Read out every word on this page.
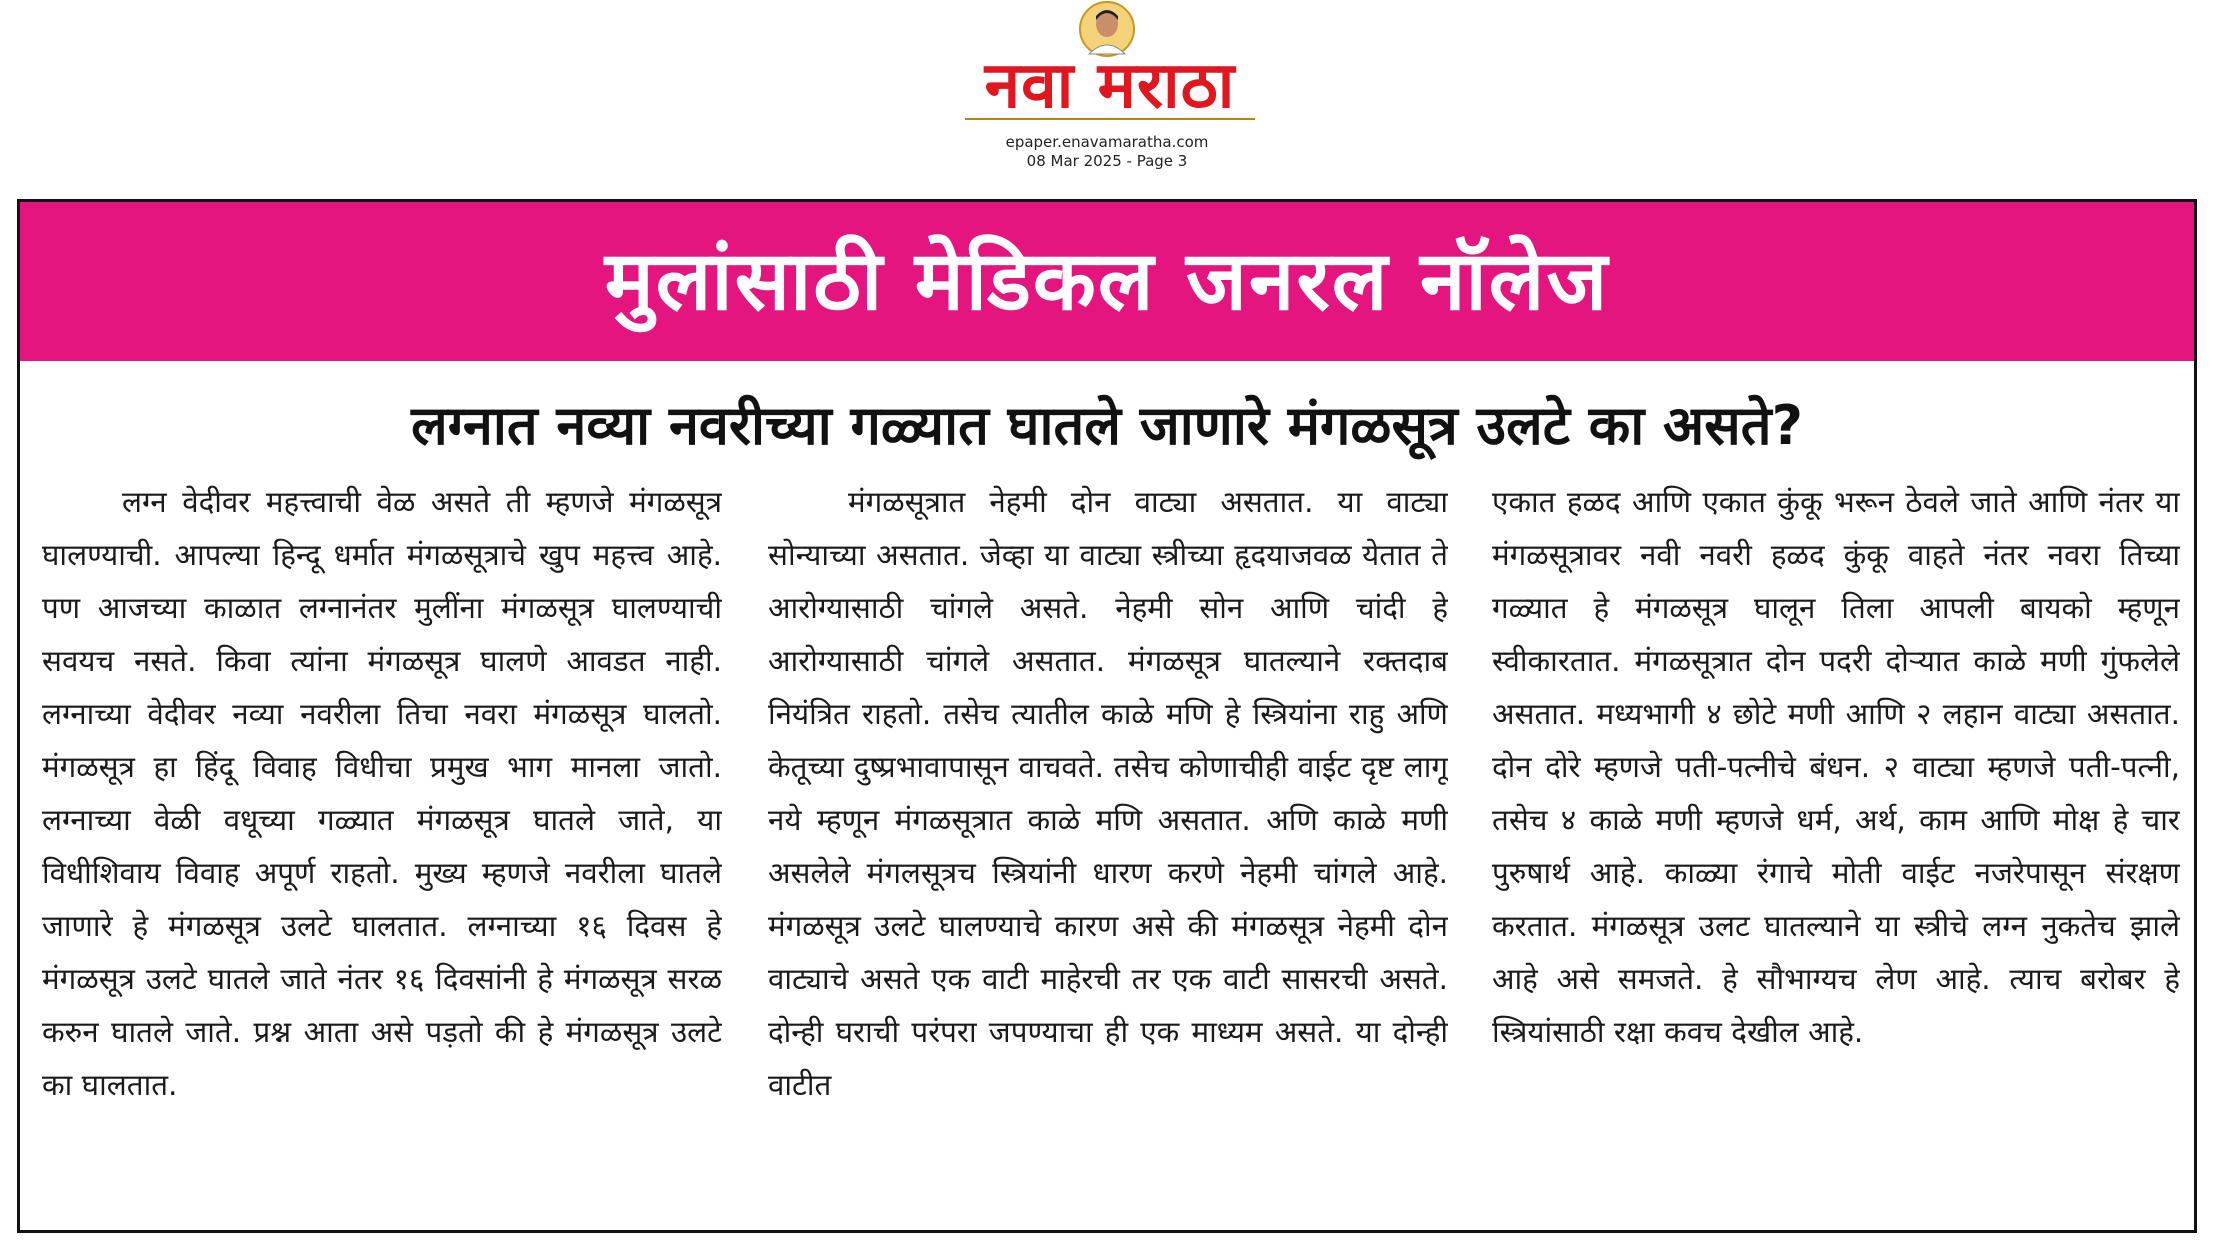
नवा मराठा
epaper.enavamaratha.com
08 Mar 2025 - Page 3
मुलांसाठी मेडिकल जनरल नॉलेज
लग्नात नव्या नवरीच्या गळ्यात घातले जाणारे मंगळसूत्र उलटे का असते?
लग्न वेदीवर महत्त्वाची वेळ असते ती म्हणजे मंगळसूत्र घालण्याची. आपल्या हिन्दू धर्मात मंगळसूत्राचे खुप महत्त्व आहे. पण आजच्या काळात लग्नानंतर मुलींना मंगळसूत्र घालण्याची सवयच नसते. किवा त्यांना मंगळसूत्र घालणे आवडत नाही. लग्नाच्या वेदीवर नव्या नवरीला तिचा नवरा मंगळसूत्र घालतो. मंगळसूत्र हा हिंदू विवाह विधीचा प्रमुख भाग मानला जातो. लग्नाच्या वेळी वधूच्या गळ्यात मंगळसूत्र घातले जाते, या विधीशिवाय विवाह अपूर्ण राहतो. मुख्य म्हणजे नवरीला घातले जाणारे हे मंगळसूत्र उलटे घालतात. लग्नाच्या १६ दिवस हे मंगळसूत्र उलटे घातले जाते नंतर १६ दिवसांनी हे मंगळसूत्र सरळ करुन घातले जाते. प्रश्न आता असे पड़तो की हे मंगळसूत्र उलटे का घालतात.
मंगळसूत्रात नेहमी दोन वाट्या असतात. या वाट्या सोन्याच्या असतात. जेव्हा या वाट्या स्त्रीच्या हृदयाजवळ येतात ते आरोग्यासाठी चांगले असते. नेहमी सोन आणि चांदी हे आरोग्यासाठी चांगले असतात. मंगळसूत्र घातल्याने रक्तदाब नियंत्रित राहतो. तसेच त्यातील काळे मणि हे स्त्रियांना राहु अणि केतूच्या दुष्प्रभावापासून वाचवते. तसेच कोणाचीही वाईट दृष्ट लागू नये म्हणून मंगळसूत्रात काळे मणि असतात. अणि काळे मणी असलेले मंगलसूत्रच स्त्रियांनी धारण करणे नेहमी चांगले आहे. मंगळसूत्र उलटे घालण्याचे कारण असे की मंगळसूत्र नेहमी दोन वाट्याचे असते एक वाटी माहेरची तर एक वाटी सासरची असते. दोन्ही घराची परंपरा जपण्याचा ही एक माध्यम असते. या दोन्ही वाटीत
एकात हळद आणि एकात कुंकू भरून ठेवले जाते आणि नंतर या मंगळसूत्रावर नवी नवरी हळद कुंकू वाहते नंतर नवरा तिच्या गळ्यात हे मंगळसूत्र घालून तिला आपली बायको म्हणून स्वीकारतात. मंगळसूत्रात दोन पदरी दोऱ्यात काळे मणी गुंफलेले असतात. मध्यभागी ४ छोटे मणी आणि २ लहान वाट्या असतात. दोन दोरे म्हणजे पती-पत्नीचे बंधन. २ वाट्या म्हणजे पती-पत्नी, तसेच ४ काळे मणी म्हणजे धर्म, अर्थ, काम आणि मोक्ष हे चार पुरुषार्थ आहे. काळ्या रंगाचे मोती वाईट नजरेपासून संरक्षण करतात. मंगळसूत्र उलट घातल्याने या स्त्रीचे लग्न नुकतेच झाले आहे असे समजते. हे सौभाग्यच लेण आहे. त्याच बरोबर हे स्त्रियांसाठी रक्षा कवच देखील आहे.
